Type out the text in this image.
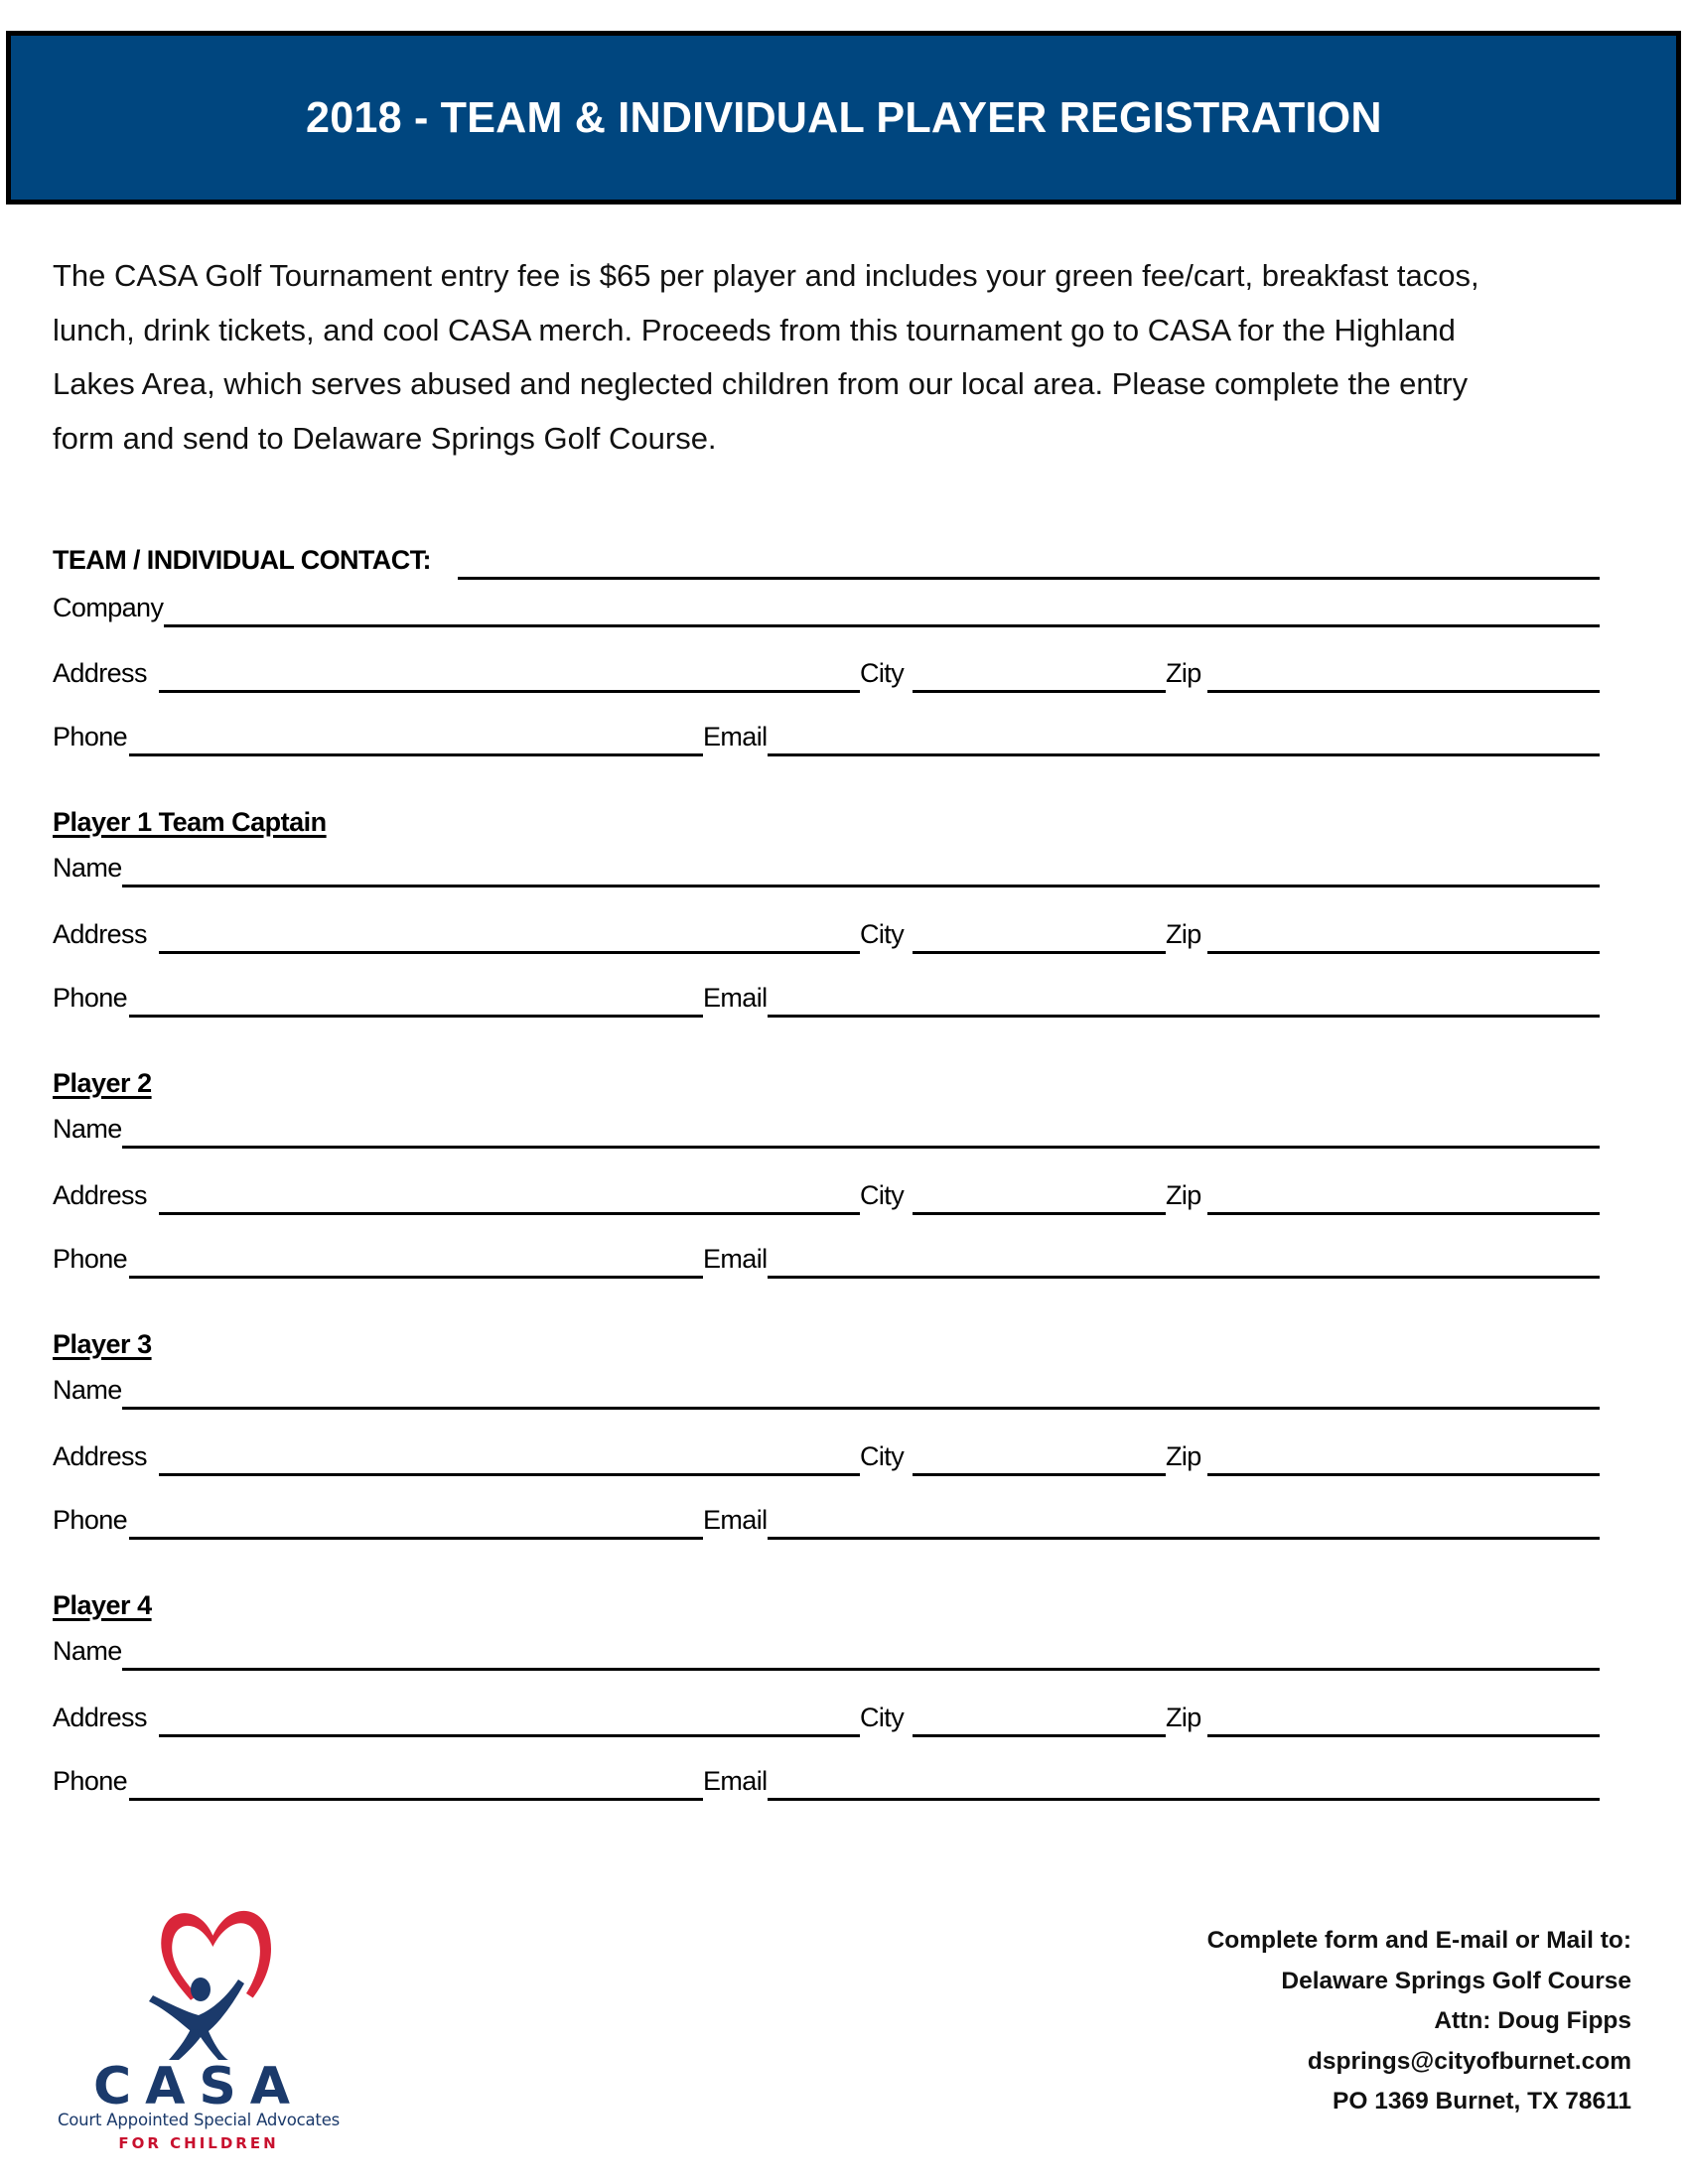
2018 - TEAM & INDIVIDUAL PLAYER REGISTRATION
The CASA Golf Tournament entry fee is $65 per player and includes your green fee/cart, breakfast tacos,
lunch, drink tickets, and cool CASA merch. Proceeds from this tournament go to CASA for the Highland
Lakes Area, which serves abused and neglected children from our local area. Please complete the entry
form and send to Delaware Springs Golf Course.
TEAM / INDIVIDUAL CONTACT:
Company
Address	City	Zip
Phone	Email
Player 1 Team Captain
Name
Address	City	Zip
Phone	Email
Player 2
Name
Address	City	Zip
Phone	Email
Player 3
Name
Address	City	Zip
Phone	Email
Player 4
Name
Address	City	Zip
Phone	Email
CASA
Court Appointed Special Advocates
FOR CHILDREN
Complete form and E-mail or Mail to:
Delaware Springs Golf Course
Attn: Doug Fipps
dsprings@cityofburnet.com
PO 1369 Burnet, TX 78611
